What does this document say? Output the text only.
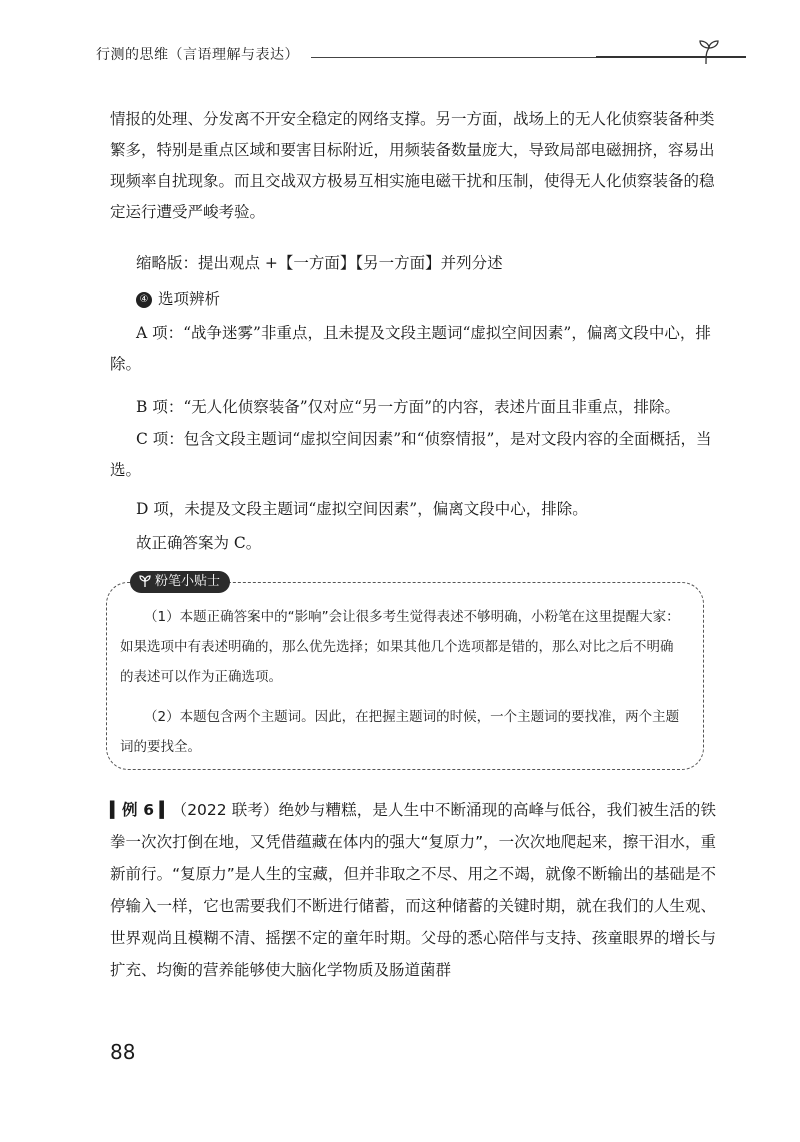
行测的思维（言语理解与表达）
情报的处理、分发离不开安全稳定的网络支撑。另一方面，战场上的无人化侦察装备种类繁多，特别是重点区域和要害目标附近，用频装备数量庞大，导致局部电磁拥挤，容易出现频率自扰现象。而且交战双方极易互相实施电磁干扰和压制，使得无人化侦察装备的稳定运行遭受严峻考验。
缩略版：提出观点 +【一方面】【另一方面】并列分述
④ 选项辨析
A 项：“战争迷雾”非重点，且未提及文段主题词“虚拟空间因素”，偏离文段中心，排除。
B 项：“无人化侦察装备”仅对应“另一方面”的内容，表述片面且非重点，排除。
C 项：包含文段主题词“虚拟空间因素”和“侦察情报”，是对文段内容的全面概括，当选。
D 项，未提及文段主题词“虚拟空间因素”，偏离文段中心，排除。
故正确答案为 C。
粉笔小贴士
（1）本题正确答案中的“影响”会让很多考生觉得表述不够明确，小粉笔在这里提醒大家：如果选项中有表述明确的，那么优先选择；如果其他几个选项都是错的，那么对比之后不明确的表述可以作为正确选项。
（2）本题包含两个主题词。因此，在把握主题词的时候，一个主题词的要找准，两个主题词的要找全。
▍例 6 ▍（2022 联考）绝妙与糟糕，是人生中不断涌现的高峰与低谷，我们被生活的铁拳一次次打倒在地，又凭借蕴藏在体内的强大“复原力”，一次次地爬起来，擦干泪水，重新前行。“复原力”是人生的宝藏，但并非取之不尽、用之不竭，就像不断输出的基础是不停输入一样，它也需要我们不断进行储蓄，而这种储蓄的关键时期，就在我们的人生观、世界观尚且模糊不清、摇摆不定的童年时期。父母的悉心陪伴与支持、孩童眼界的增长与扩充、均衡的营养能够使大脑化学物质及肠道菌群
88
